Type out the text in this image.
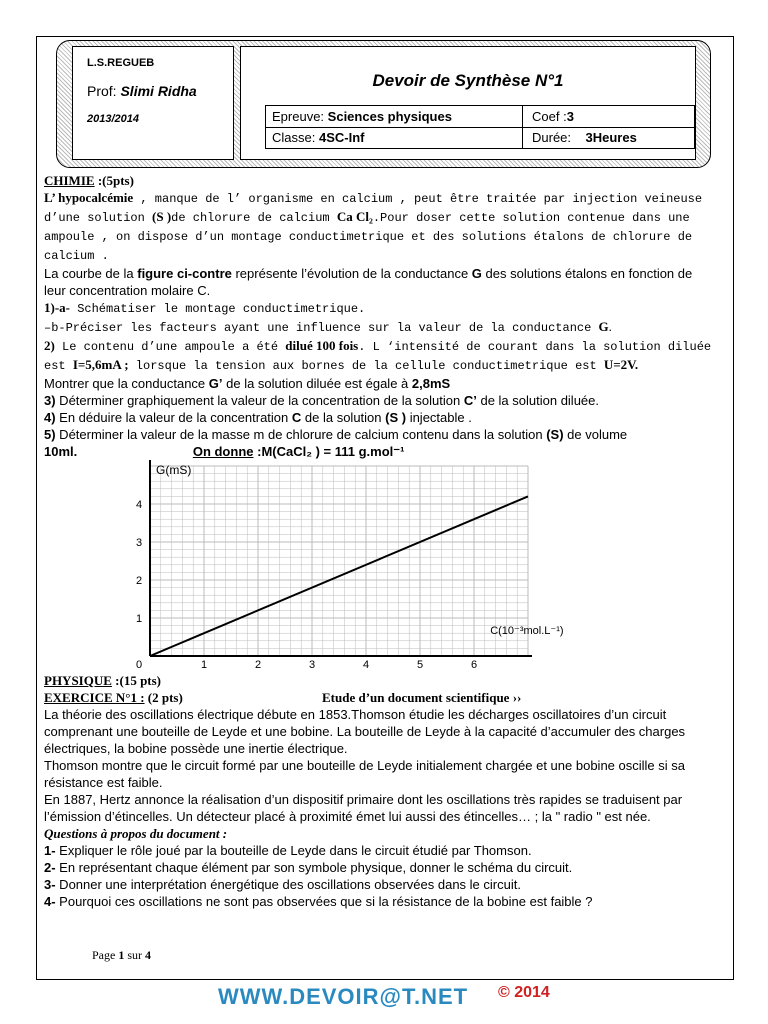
L.S.REGUEB
Prof: Slimi Ridha
2013/2014
Devoir de Synthèse N°1
Epreuve: Sciences physiques	Coef :3
Classe: 4SC-Inf	Durée: 3Heures
CHIMIE :(5pts)
L’ hypocalcémie , manque de l’ organisme en calcium , peut être traitée par injection veineuse d’une solution (S )de chlorure de calcium Ca Cl₂.Pour doser cette solution contenue dans une ampoule , on dispose d’un montage conductimetrique et des solutions étalons de chlorure de calcium .
La courbe de la figure ci-contre représente l’évolution de la conductance G des solutions étalons en fonction de leur concentration molaire C.
1)-a- Schématiser le montage conductimetrique.
–b-Préciser les facteurs ayant une influence sur la valeur de la conductance G.
2) Le contenu d’une ampoule a été dilué 100 fois. L ‘intensité de courant dans la solution diluée est I=5,6mA ; lorsque la tension aux bornes de la cellule conductimetrique est U=2V.
Montrer que la conductance G’ de la solution diluée est égale à 2,8mS
3) Déterminer graphiquement la valeur de la concentration de la solution C’ de la solution diluée.
4) En déduire la valeur de la concentration C de la solution (S ) injectable .
5) Déterminer la valeur de la masse m de chlorure de calcium contenu dans la solution (S) de volume
10ml.	On donne :M(CaCl₂ ) = 111 g.mol⁻¹
0	1	2	3	4	5	6
1
2
3
4
G(mS)
C(10⁻³mol.L⁻¹)
PHYSIQUE :(15 pts)
EXERCICE N°1 : (2 pts)	Etude d’un document scientifique ››
La théorie des oscillations électrique débute en 1853.Thomson étudie les décharges oscillatoires d’un circuit comprenant une bouteille de Leyde et une bobine. La bouteille de Leyde à la capacité d’accumuler des charges électriques, la bobine possède une inertie électrique.
Thomson montre que le circuit formé par une bouteille de Leyde initialement chargée et une bobine oscille si sa résistance est faible.
En 1887, Hertz annonce la réalisation d’un dispositif primaire dont les oscillations très rapides se traduisent par l’émission d’étincelles. Un détecteur placé à proximité émet lui aussi des étincelles… ; la " radio " est née.
Questions à propos du document :
1- Expliquer le rôle joué par la bouteille de Leyde dans le circuit étudié par Thomson.
2- En représentant chaque élément par son symbole physique, donner le schéma du circuit.
3- Donner une interprétation énergétique des oscillations observées dans le circuit.
4- Pourquoi ces oscillations ne sont pas observées que si la résistance de la bobine est faible ?
Page 1 sur 4
WWW.DEVOIR@T.NET © 2014
